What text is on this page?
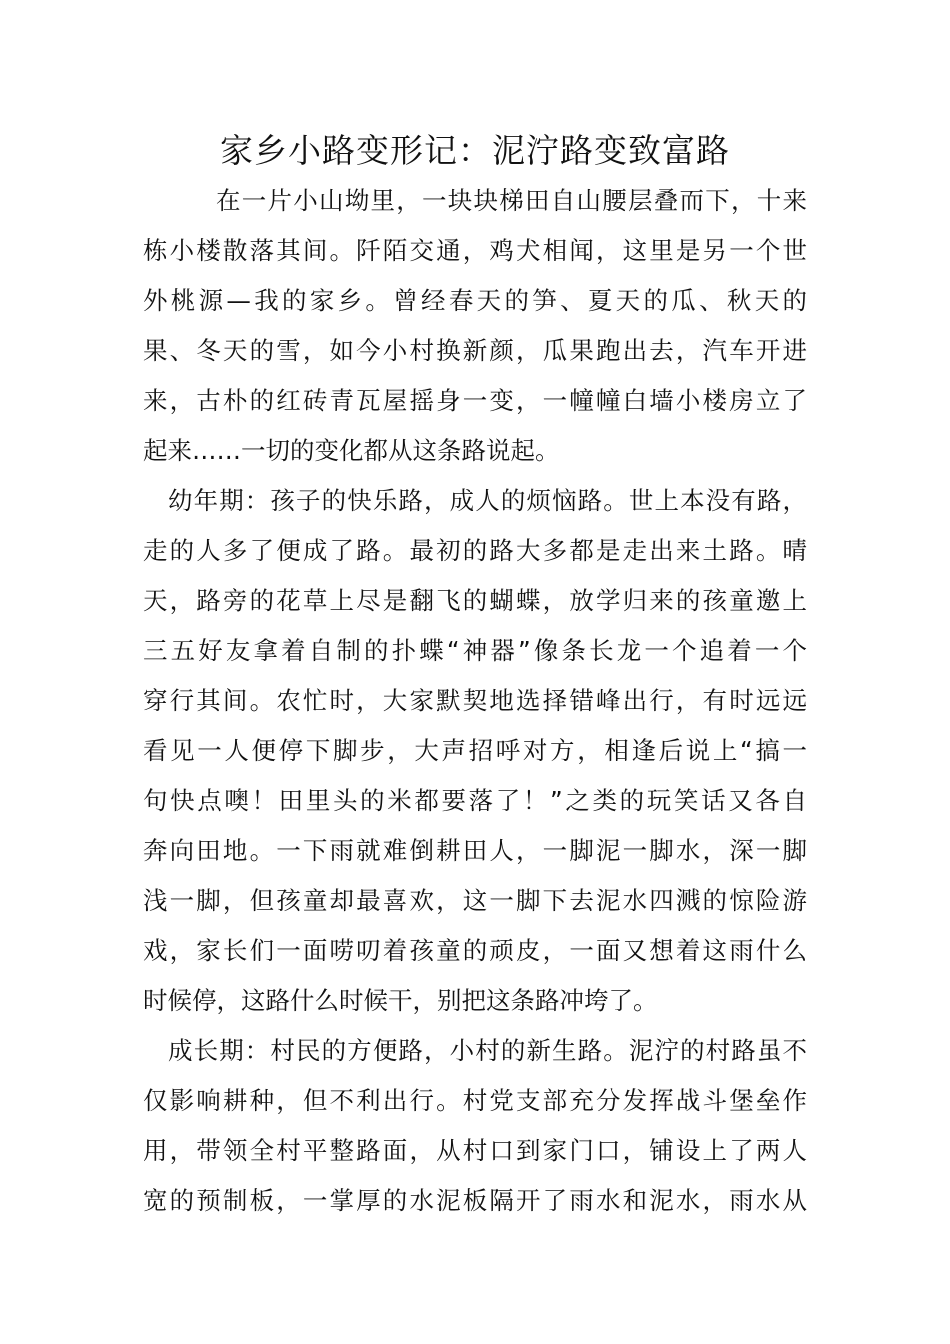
家乡小路变形记：泥泞路变致富路
在一片小山坳里，一块块梯田自山腰层叠而下，十来
栋小楼散落其间。阡陌交通，鸡犬相闻，这里是另一个世
外桃源—我的家乡。曾经春天的笋、夏天的瓜、秋天的
果、冬天的雪，如今小村换新颜，瓜果跑出去，汽车开进
来，古朴的红砖青瓦屋摇身一变，一幢幢白墙小楼房立了
起来……一切的变化都从这条路说起。
幼年期：孩子的快乐路，成人的烦恼路。世上本没有路，
走的人多了便成了路。最初的路大多都是走出来土路。晴
天，路旁的花草上尽是翻飞的蝴蝶，放学归来的孩童邀上
三五好友拿着自制的扑蝶“神器”像条长龙一个追着一个
穿行其间。农忙时，大家默契地选择错峰出行，有时远远
看见一人便停下脚步，大声招呼对方，相逢后说上“搞一
句快点噢！田里头的米都要落了！”之类的玩笑话又各自
奔向田地。一下雨就难倒耕田人，一脚泥一脚水，深一脚
浅一脚，但孩童却最喜欢，这一脚下去泥水四溅的惊险游
戏，家长们一面唠叨着孩童的顽皮，一面又想着这雨什么
时候停，这路什么时候干，别把这条路冲垮了。
成长期：村民的方便路，小村的新生路。泥泞的村路虽不
仅影响耕种，但不利出行。村党支部充分发挥战斗堡垒作
用，带领全村平整路面，从村口到家门口，铺设上了两人
宽的预制板，一掌厚的水泥板隔开了雨水和泥水，雨水从
